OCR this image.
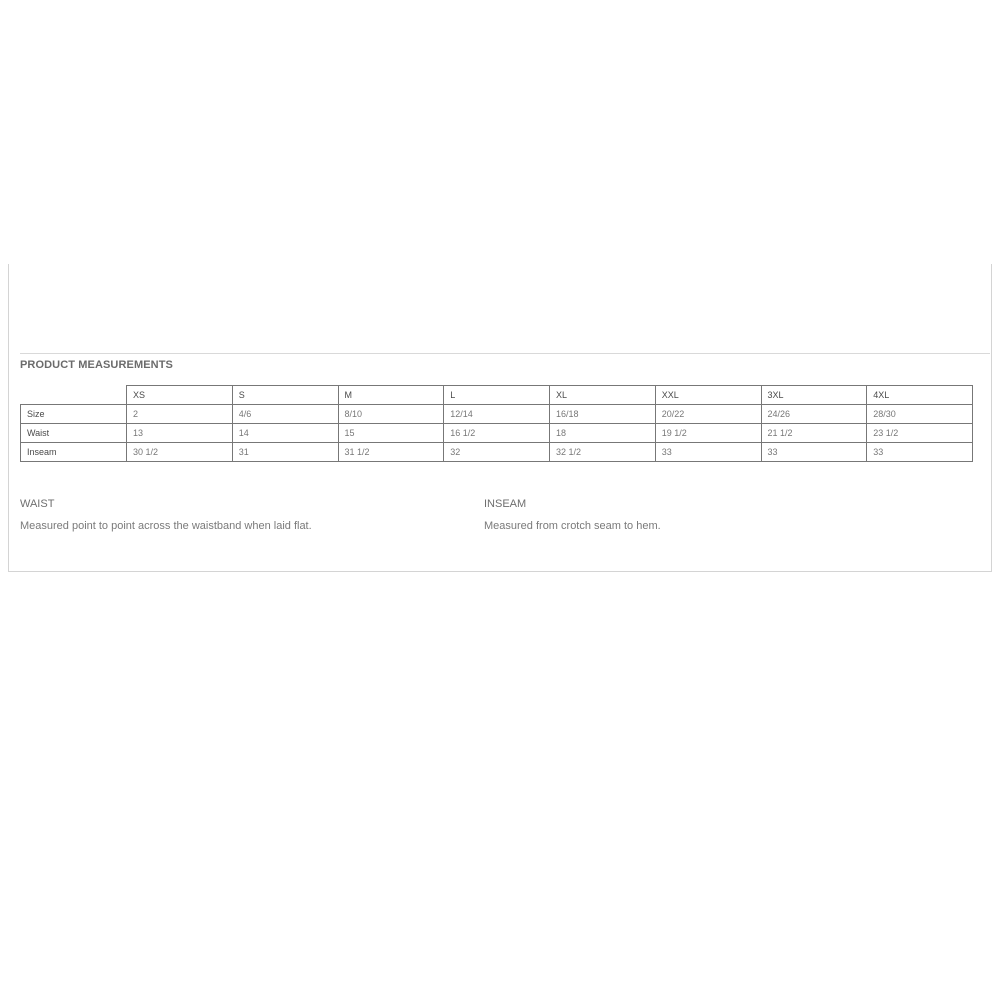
PRODUCT MEASUREMENTS
	XS	S	M	L	XL	XXL	3XL	4XL
Size	2	4/6	8/10	12/14	16/18	20/22	24/26	28/30
Waist	13	14	15	16 1/2	18	19 1/2	21 1/2	23 1/2
Inseam	30 1/2	31	31 1/2	32	32 1/2	33	33	33

WAIST

Measured point to point across the waistband when laid flat.

INSEAM

Measured from crotch seam to hem.
